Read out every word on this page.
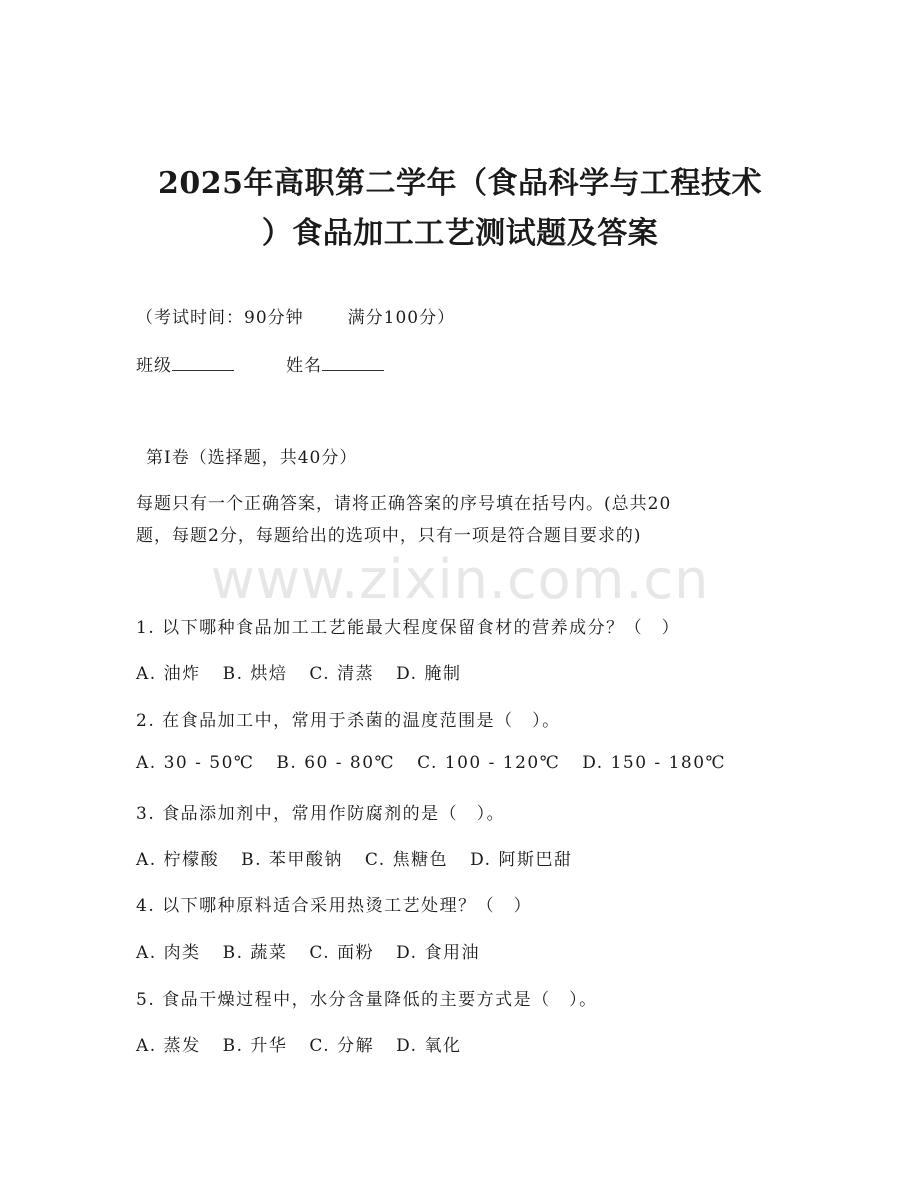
2025年高职第二学年（食品科学与工程技术
）食品加工工艺测试题及答案
（考试时间：90分钟	满分100分）
班级	姓名
第I卷（选择题，共40分）
每题只有一个正确答案，请将正确答案的序号填在括号内。(总共20
题，每题2分，每题给出的选项中，只有一项是符合题目要求的)
www.zixin.com.cn
1. 以下哪种食品加工工艺能最大程度保留食材的营养成分？（　）
A. 油炸 B. 烘焙 C. 清蒸 D. 腌制
2. 在食品加工中，常用于杀菌的温度范围是（　）。
A. 30 - 50℃ B. 60 - 80℃ C. 100 - 120℃ D. 150 - 180℃
3. 食品添加剂中，常用作防腐剂的是（　）。
A. 柠檬酸 B. 苯甲酸钠 C. 焦糖色 D. 阿斯巴甜
4. 以下哪种原料适合采用热烫工艺处理？（　）
A. 肉类 B. 蔬菜 C. 面粉 D. 食用油
5. 食品干燥过程中，水分含量降低的主要方式是（　）。
A. 蒸发 B. 升华 C. 分解 D. 氧化
